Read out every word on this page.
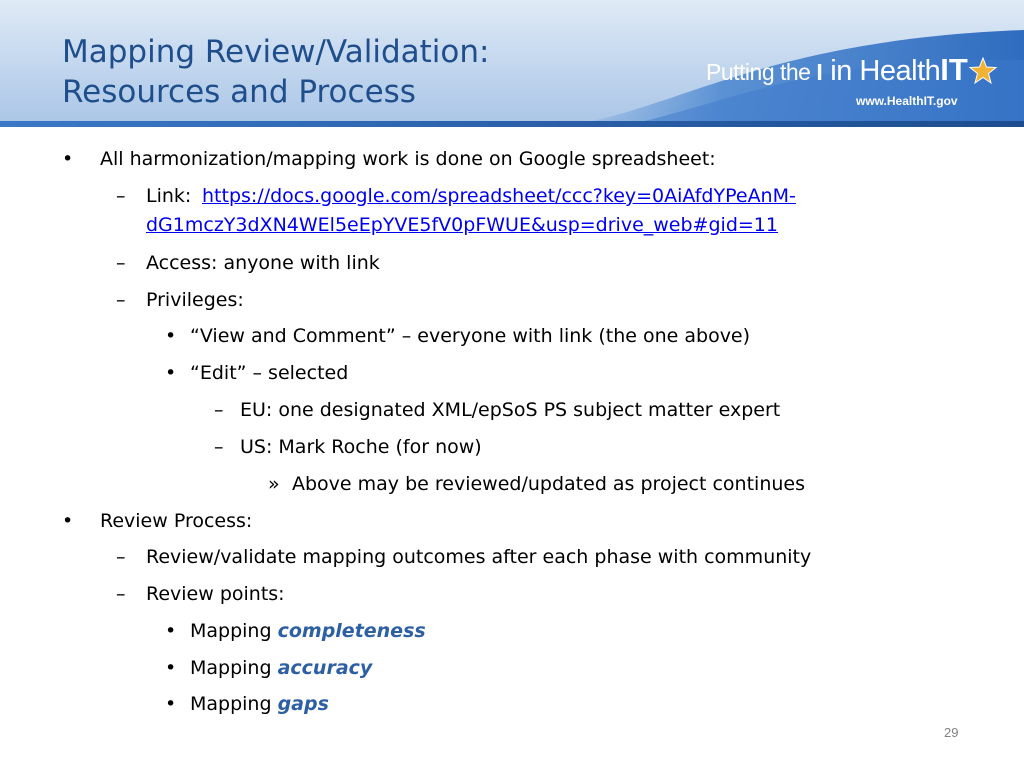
Mapping Review/Validation:
Resources and Process
Putting the I in HealthIT
www.HealthIT.gov
• All harmonization/mapping work is done on Google spreadsheet:
– Link: https://docs.google.com/spreadsheet/ccc?key=0AiAfdYPeAnM-
dG1mczY3dXN4WEl5eEpYVE5fV0pFWUE&usp=drive_web#gid=11
– Access: anyone with link
– Privileges:
• “View and Comment” – everyone with link (the one above)
• “Edit” – selected
– EU: one designated XML/epSoS PS subject matter expert
– US: Mark Roche (for now)
» Above may be reviewed/updated as project continues
• Review Process:
– Review/validate mapping outcomes after each phase with community
– Review points:
• Mapping completeness
• Mapping accuracy
• Mapping gaps
29
